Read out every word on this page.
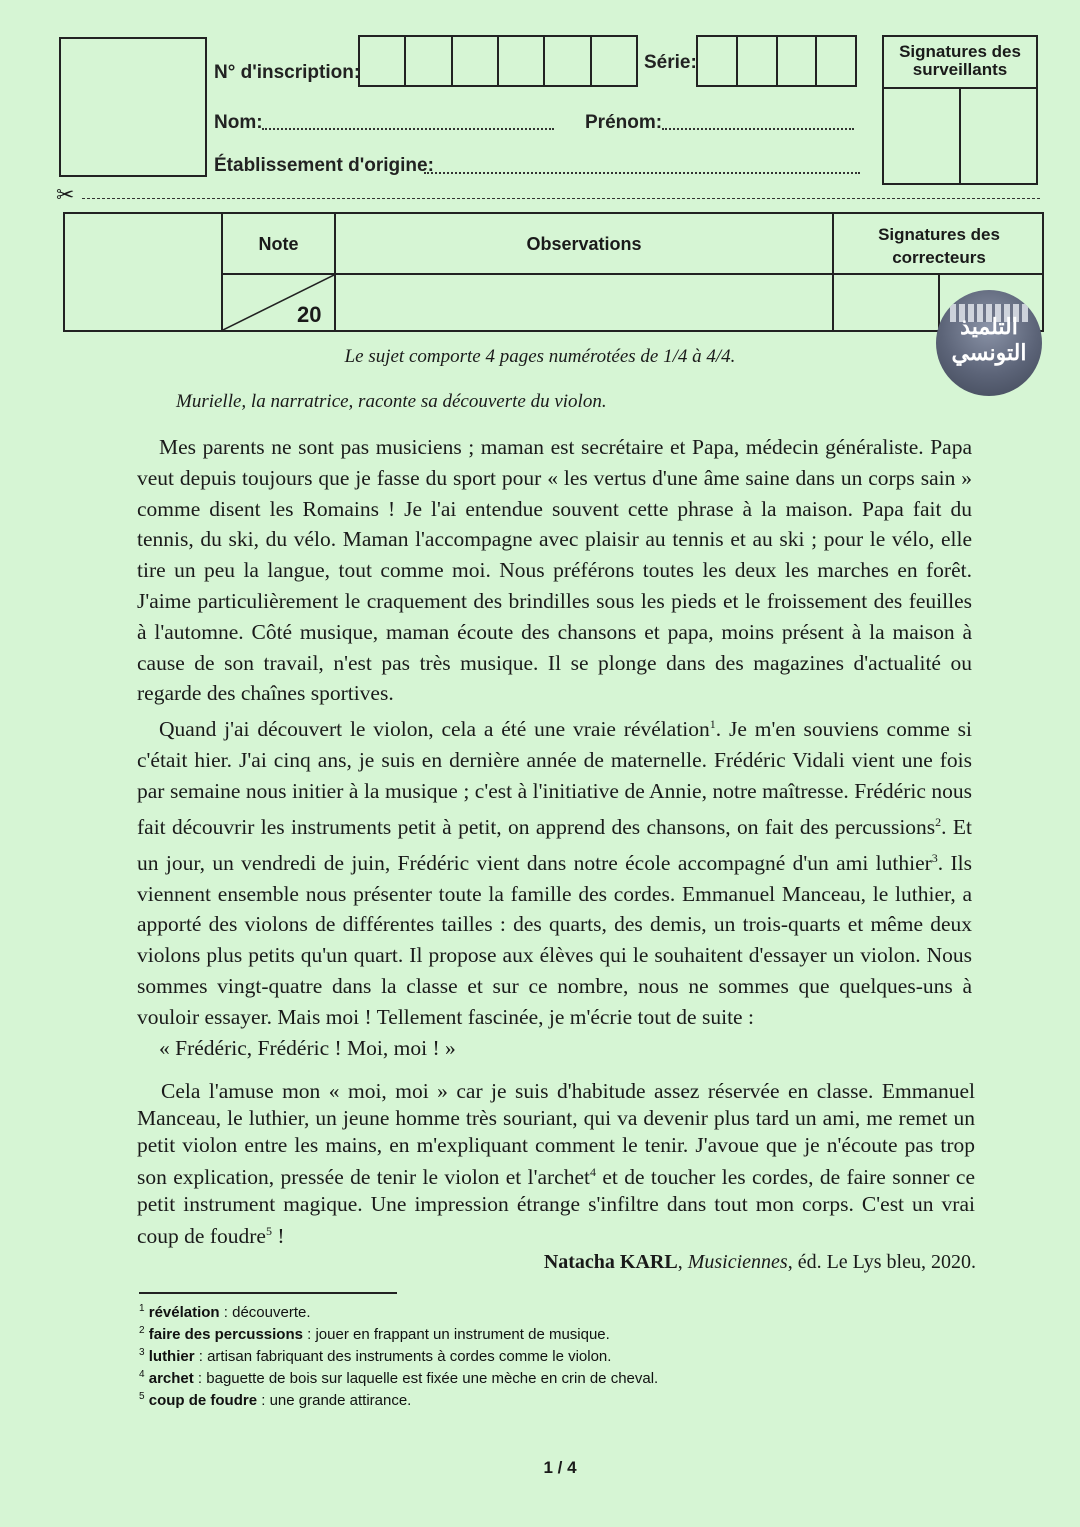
N° d'inscription:	Série:
Signatures des surveillants
Nom:	Prénom:
Établissement d'origine:
✂
Note	Observations	Signatures des correcteurs
20	التلميذ
التونسي
Le sujet comporte 4 pages numérotées de 1/4 à 4/4.
Murielle, la narratrice, raconte sa découverte du violon.

Mes parents ne sont pas musiciens ; maman est secrétaire et Papa, médecin généraliste. Papa veut depuis toujours que je fasse du sport pour « les vertus d'une âme saine dans un corps sain » comme disent les Romains ! Je l'ai entendue souvent cette phrase à la maison. Papa fait du tennis, du ski, du vélo. Maman l'accompagne avec plaisir au tennis et au ski ; pour le vélo, elle tire un peu la langue, tout comme moi. Nous préférons toutes les deux les marches en forêt. J'aime particulièrement le craquement des brindilles sous les pieds et le froissement des feuilles à l'automne. Côté musique, maman écoute des chansons et papa, moins présent à la maison à cause de son travail, n'est pas très musique. Il se plonge dans des magazines d'actualité ou regarde des chaînes sportives.

Quand j'ai découvert le violon, cela a été une vraie révélation$^1$. Je m'en souviens comme si c'était hier. J'ai cinq ans, je suis en dernière année de maternelle. Frédéric Vidali vient une fois par semaine nous initier à la musique ; c'est à l'initiative de Annie, notre maîtresse. Frédéric nous fait découvrir les instruments petit à petit, on apprend des chansons, on fait des percussions$^2$. Et un jour, un vendredi de juin, Frédéric vient dans notre école accompagné d'un ami luthier$^3$. Ils viennent ensemble nous présenter toute la famille des cordes. Emmanuel Manceau, le luthier, a apporté des violons de différentes tailles : des quarts, des demis, un trois-quarts et même deux violons plus petits qu'un quart. Il propose aux élèves qui le souhaitent d'essayer un violon. Nous sommes vingt-quatre dans la classe et sur ce nombre, nous ne sommes que quelques-uns à vouloir essayer. Mais moi ! Tellement fascinée, je m'écrie tout de suite :

« Frédéric, Frédéric ! Moi, moi ! »

Cela l'amuse mon « moi, moi » car je suis d'habitude assez réservée en classe. Emmanuel Manceau, le luthier, un jeune homme très souriant, qui va devenir plus tard un ami, me remet un petit violon entre les mains, en m'expliquant comment le tenir. J'avoue que je n'écoute pas trop son explication, pressée de tenir le violon et l'archet$^4$ et de toucher les cordes, de faire sonner ce petit instrument magique. Une impression étrange s'infiltre dans tout mon corps. C'est un vrai coup de foudre$^5$ !

Natacha KARL, Musiciennes, éd. Le Lys bleu, 2020.
$^1$ révélation : découverte.
$^2$ faire des percussions : jouer en frappant un instrument de musique.
$^3$ luthier : artisan fabriquant des instruments à cordes comme le violon.
$^4$ archet : baguette de bois sur laquelle est fixée une mèche en crin de cheval.
$^5$ coup de foudre : une grande attirance.
1 / 4
